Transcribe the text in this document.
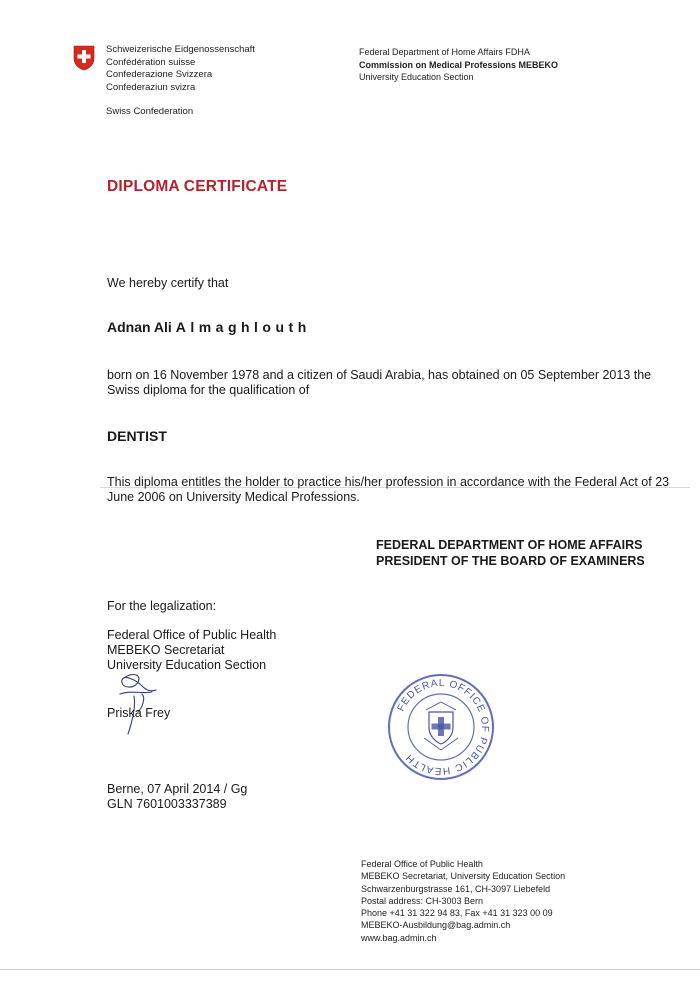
Schweizerische Eidgenossenschaft
Confédération suisse
Confederazione Svizzera
Confederaziun svizra
Swiss Confederation
Federal Department of Home Affairs FDHA
Commission on Medical Professions MEBEKO
University Education Section
DIPLOMA CERTIFICATE
We hereby certify that
Adnan Ali Almaghlouth
born on 16 November 1978 and a citizen of Saudi Arabia, has obtained on 05 September 2013 the
Swiss diploma for the qualification of
DENTIST
This diploma entitles the holder to practice his/her profession in accordance with the Federal Act of 23
June 2006 on University Medical Professions.
FEDERAL DEPARTMENT OF HOME AFFAIRS
PRESIDENT OF THE BOARD OF EXAMINERS
For the legalization:
Federal Office of Public Health
MEBEKO Secretariat
University Education Section
Priska Frey
Berne, 07 April 2014 / Gg
GLN 7601003337389
FEDERAL OFFICE OF PUBLIC HEALTH
Federal Office of Public Health
MEBEKO Secretariat, University Education Section
Schwarzenburgstrasse 161, CH-3097 Liebefeld
Postal address: CH-3003 Bern
Phone +41 31 322 94 83, Fax +41 31 323 00 09
MEBEKO-Ausbildung@bag.admin.ch
www.bag.admin.ch
